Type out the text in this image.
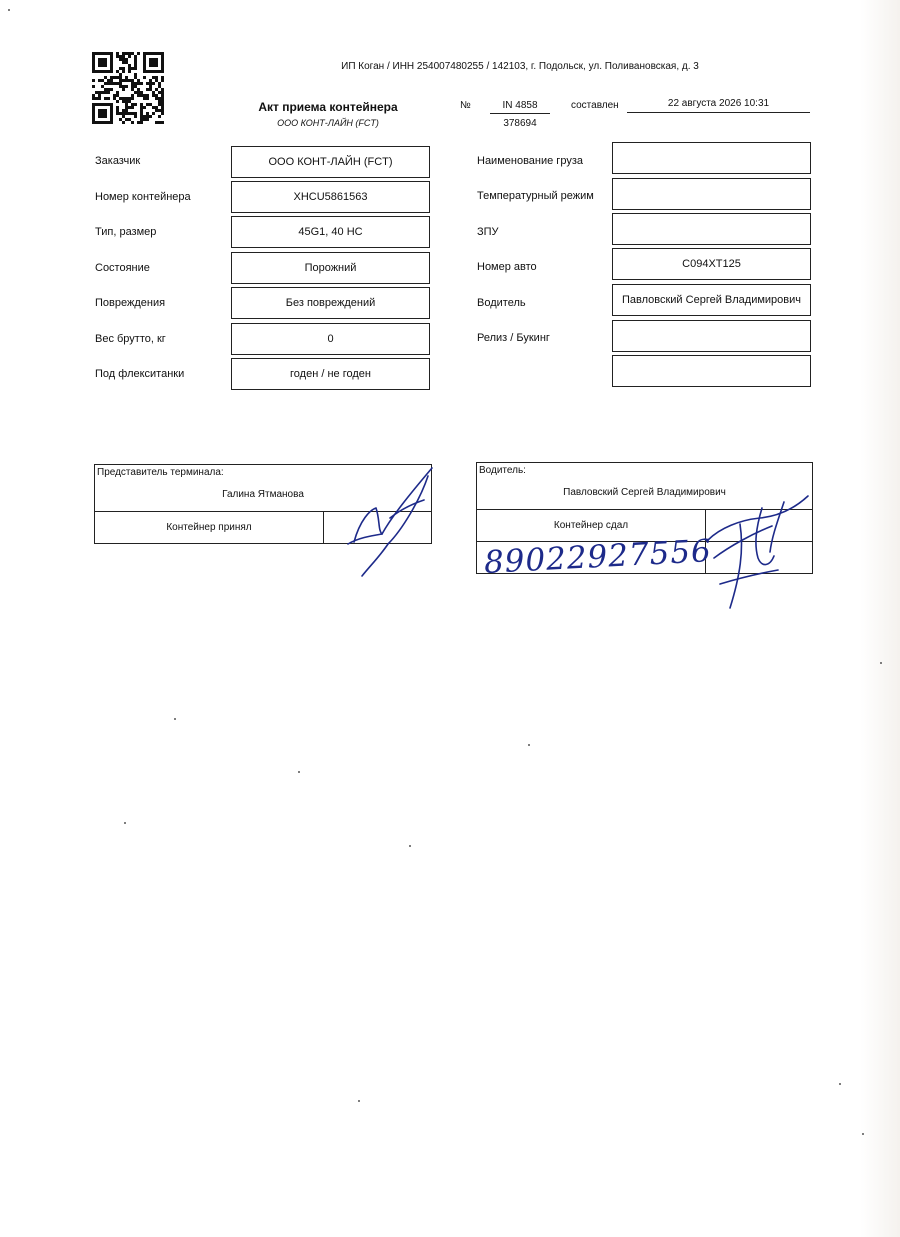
ИП Коган / ИНН 254007480255 / 142103, г. Подольск, ул. Поливановская, д. 3
Акт приема контейнера
ООО КОНТ-ЛАЙН (FCT)
№	IN 4858
378694
составлен	22 августа 2026 10:31
Заказчик	ООО КОНТ-ЛАЙН (FCT)
Номер контейнера	XHCU5861563
Тип, размер	45G1, 40 HC
Состояние	Порожний
Повреждения	Без повреждений
Вес брутто, кг	0
Под флекситанки	годен / не годен
Наименование груза
Температурный режим
ЗПУ
Номер авто	С094ХТ125
Водитель	Павловский Сергей Владимирович
Релиз / Букинг
Представитель терминала:
Галина Ятманова

Контейнер принял	
Водитель:
Павловский Сергей Владимирович	

Контейнер сдал	

89022927556
